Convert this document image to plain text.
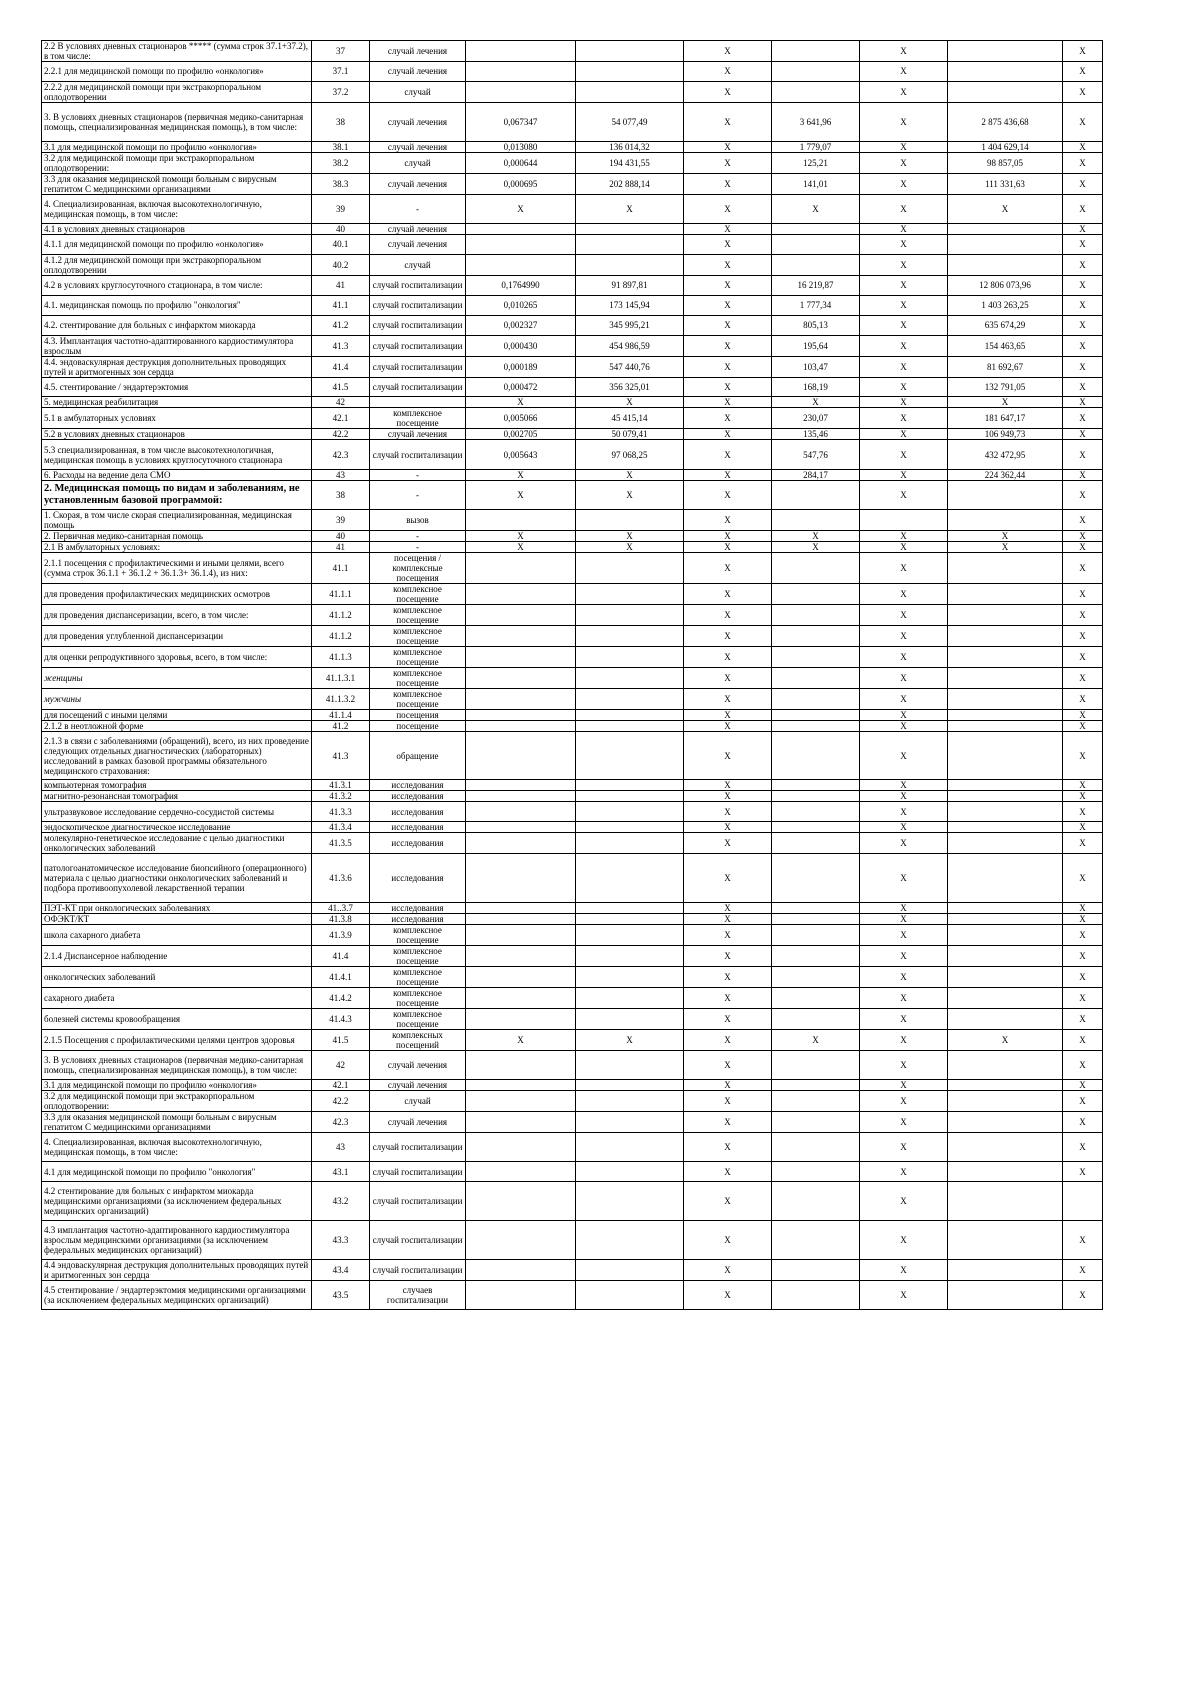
2.2 В условиях дневных стационаров ***** (сумма строк 37.1+37.2), в том числе:	37	случай лечения			X		X		X
2.2.1 для медицинской помощи по профилю «онкология»	37.1	случай лечения			X		X		X
2.2.2 для медицинской помощи при экстракорпоральном оплодотворении	37.2	случай			X		X		X
3. В условиях дневных стационаров (первичная медико-санитарная помощь, специализированная медицинская помощь), в том числе:	38	случай лечения	0,067347	54 077,49	X	3 641,96	X	2 875 436,68	X
3.1 для медицинской помощи по профилю «онкология»	38.1	случай лечения	0,013080	136 014,32	X	1 779,07	X	1 404 629,14	X
3.2 для медицинской помощи при экстракорпоральном оплодотворении:	38.2	случай	0,000644	194 431,55	X	125,21	X	98 857,05	X
3.3 для оказания медицинской помощи больным с вирусным гепатитом С медицинскими организациями	38.3	случай лечения	0,000695	202 888,14	X	141,01	X	111 331,63	X
4. Специализированная, включая высокотехнологичную, медицинская помощь, в том числе:	39	-	X	X	X	X	X	X	X
4.1 в условиях дневных стационаров	40	случай лечения			X		X		X
4.1.1 для медицинской помощи по профилю «онкология»	40.1	случай лечения			X		X		X
4.1.2 для медицинской помощи при экстракорпоральном оплодотворении	40.2	случай			X		X		X
4.2 в условиях круглосуточного стационара, в том числе:	41	случай госпитализации	0,1764990	91 897,81	X	16 219,87	X	12 806 073,96	X
4.1. медицинская помощь по профилю "онкология"	41.1	случай госпитализации	0,010265	173 145,94	X	1 777,34	X	1 403 263,25	X
4.2. стентирование для больных с инфарктом миокарда	41.2	случай госпитализации	0,002327	345 995,21	X	805,13	X	635 674,29	X
4.3. Имплантация частотно-адаптированного кардиостимулятора взрослым	41.3	случай госпитализации	0,000430	454 986,59	X	195,64	X	154 463,65	X
4.4. эндоваскулярная деструкция дополнительных проводящих путей и аритмогенных зон сердца	41.4	случай госпитализации	0,000189	547 440,76	X	103,47	X	81 692,67	X
4.5. стентирование / эндартерэктомия	41.5	случай госпитализации	0,000472	356 325,01	X	168,19	X	132 791,05	X
5. медицинская реабилитация	42		X	X	X	X	X	X	X
5.1 в амбулаторных условиях	42.1	комплексное посещение	0,005066	45 415,14	X	230,07	X	181 647,17	X
5.2 в условиях дневных стационаров	42.2	случай лечения	0,002705	50 079,41	X	135,46	X	106 949,73	X
5.3 специализированная, в том числе высокотехнологичная, медицинская помощь в условиях круглосуточного стационара	42.3	случай госпитализации	0,005643	97 068,25	X	547,76	X	432 472,95	X
6. Расходы на ведение дела СМО	43	-	X	X	X	284,17	X	224 362,44	X
2. Медицинская помощь по видам и заболеваниям, не установленным базовой программой:	38	-	X	X	X		X		X
1. Скорая, в том числе скорая специализированная, медицинская помощь	39	вызов			X				X
2. Первичная медико-санитарная помощь	40	-	X	X	X	X	X	X	X
2.1 В амбулаторных условиях:	41	-	X	X	X	X	X	X	X
2.1.1 посещения с профилактическими и иными целями, всего (сумма строк 36.1.1 + 36.1.2 + 36.1.3+ 36.1.4), из них:	41.1	посещения / комплексные посещения			X		X		X
для проведения профилактических медицинских осмотров	41.1.1	комплексное посещение			X		X		X
для проведения диспансеризации, всего, в том числе:	41.1.2	комплексное посещение			X		X		X
для проведения углубленной диспансеризации	41.1.2	комплексное посещение			X		X		X
для оценки репродуктивного здоровья, всего, в том числе:	41.1.3	комплексное посещение			X		X		X
женщины	41.1.3.1	комплексное посещение			X		X		X
мужчины	41.1.3.2	комплексное посещение			X		X		X
для посещений с иными целями	41.1.4	посещения			X		X		X
2.1.2 в неотложной форме	41.2	посещение			X		X		X
2.1.3 в связи с заболеваниями (обращений), всего, из них проведение следующих отдельных диагностических (лабораторных) исследований в рамках базовой программы обязательного медицинского страхования:	41.3	обращение			X		X		X
компьютерная томография	41.3.1	исследования			X		X		X
магнитно-резонансная томография	41.3.2	исследования			X		X		X
ультразвуковое исследование сердечно-сосудистой системы	41.3.3	исследования			X		X		X
эндоскопическое диагностическое исследование	41.3.4	исследования			X		X		X
молекулярно-генетическое исследование с целью диагностики онкологических заболеваний	41.3.5	исследования			X		X		X
патологоанатомическое исследование биопсийного (операционного) материала с целью диагностики онкологических заболеваний и подбора противоопухолевой лекарственной терапии	41.3.6	исследования			X		X		X
ПЭТ-КТ при онкологических заболеваниях	41..3.7	исследования			X		X		X
ОФЭКТ/КТ	41.3.8	исследования			X		X		X
школа сахарного диабета	41.3.9	комплексное посещение			X		X		X
2.1.4 Диспансерное наблюдение	41.4	комплексное посещение			X		X		X
онкологических заболеваний	41.4.1	комплексное посещение			X		X		X
сахарного диабета	41.4.2	комплексное посещение			X		X		X
болезней системы кровообращения	41.4.3	комплексное посещение			X		X		X
2.1.5 Посещения с профилактическими целями центров здоровья	41.5	комплексных посещений	X	X	X	X	X	X	X
3. В условиях дневных стационаров (первичная медико-санитарная помощь, специализированная медицинская помощь), в том числе:	42	случай лечения			X		X		X
3.1 для медицинской помощи по профилю «онкология»	42.1	случай лечения			X		X		X
3.2 для медицинской помощи при экстракорпоральном оплодотворении:	42.2	случай			X		X		X
3.3 для оказания медицинской помощи больным с вирусным гепатитом С медицинскими организациями	42.3	случай лечения			X		X		X
4. Специализированная, включая высокотехнологичную, медицинская помощь, в том числе:	43	случай госпитализации			X		X		X
4.1 для медицинской помощи по профилю "онкология"	43.1	случай госпитализации			X		X		X
4.2 стентирование для больных с инфарктом миокарда медицинскими организациями (за исключением федеральных медицинских организаций)	43.2	случай госпитализации			X		X		
4.3 имплантация частотно-адаптированного кардиостимулятора взрослым медицинскими организациями (за исключением федеральных медицинских организаций)	43.3	случай госпитализации			X		X		X
4.4 эндоваскулярная деструкция дополнительных проводящих путей и аритмогенных зон сердца	43.4	случай госпитализации			X		X		X
4.5 стентирование / эндартерэктомия медицинскими организациями (за исключением федеральных медицинских организаций)	43.5	случаев госпитализации			X		X		X
